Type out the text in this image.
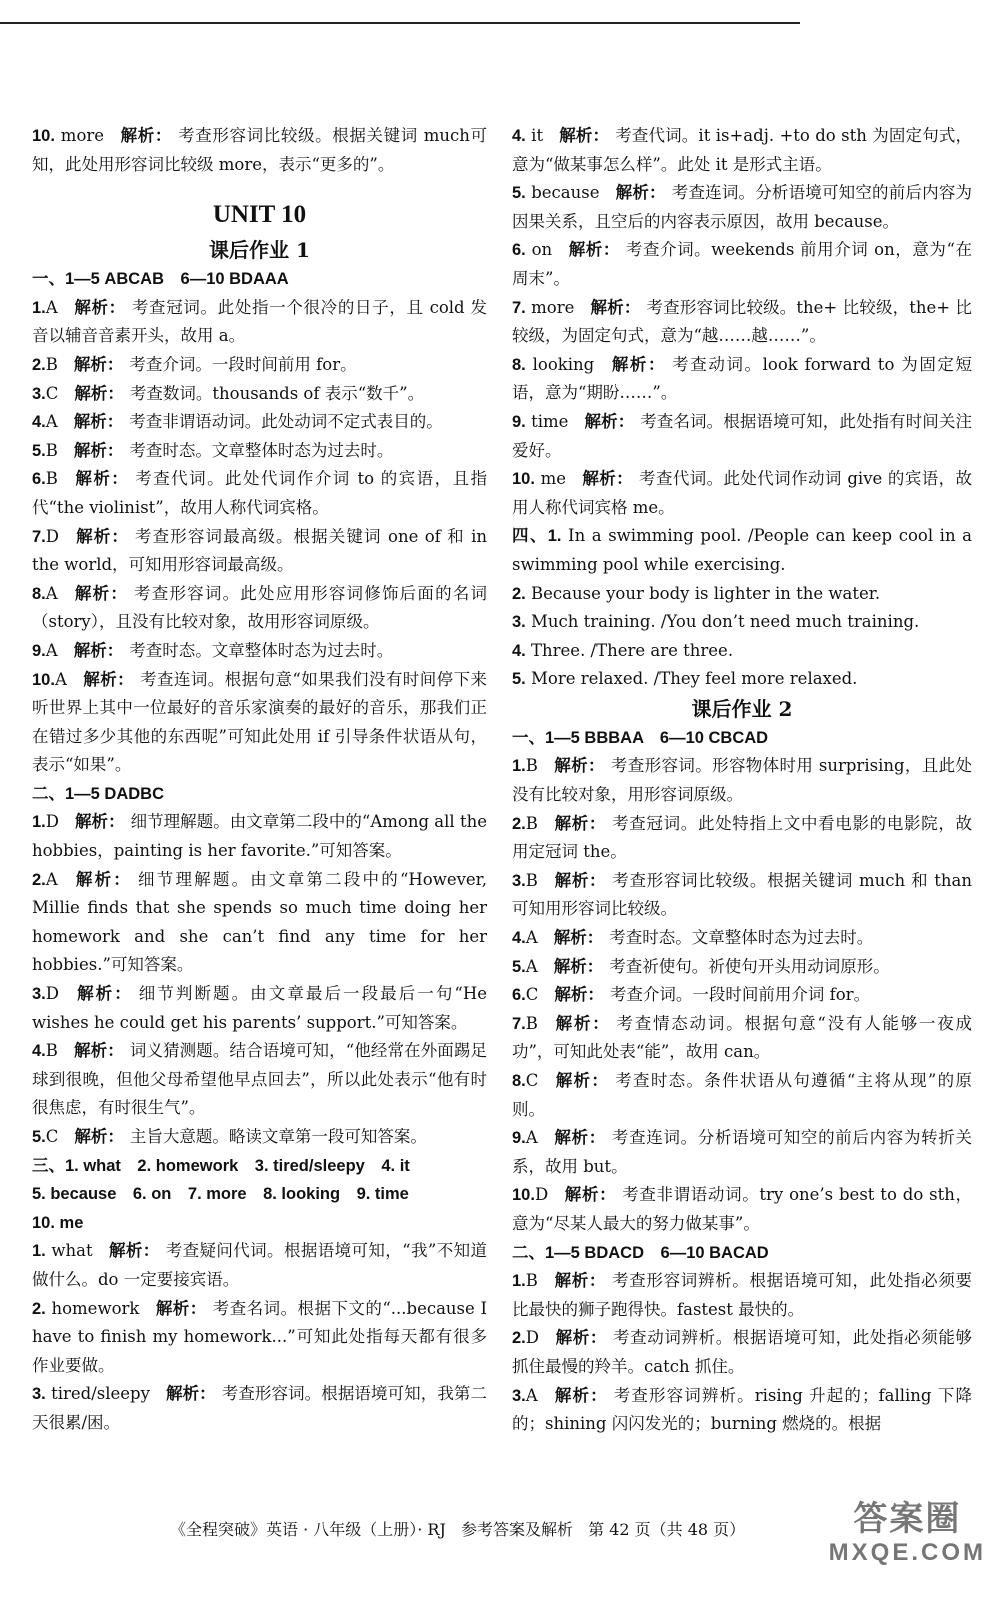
10. more 解析： 考查形容词比较级。根据关键词 much可知，此处用形容词比较级 more，表示“更多的”。

UNIT 10

课后作业 1

一、1—5 ABCAB　6—10 BDAAA

1.A 解析： 考查冠词。此处指一个很冷的日子，且 cold 发音以辅音音素开头，故用 a。

2.B 解析： 考查介词。一段时间前用 for。

3.C 解析： 考查数词。thousands of 表示“数千”。

4.A 解析： 考查非谓语动词。此处动词不定式表目的。

5.B 解析： 考查时态。文章整体时态为过去时。

6.B 解析： 考查代词。此处代词作介词 to 的宾语，且指代“the violinist”，故用人称代词宾格。

7.D 解析： 考查形容词最高级。根据关键词 one of 和 in the world，可知用形容词最高级。

8.A 解析： 考查形容词。此处应用形容词修饰后面的名词（story），且没有比较对象，故用形容词原级。

9.A 解析： 考查时态。文章整体时态为过去时。

10.A 解析： 考查连词。根据句意“如果我们没有时间停下来听世界上其中一位最好的音乐家演奏的最好的音乐，那我们正在错过多少其他的东西呢”可知此处用 if 引导条件状语从句，表示“如果”。

二、1—5 DADBC

1.D 解析： 细节理解题。由文章第二段中的“Among all the hobbies，painting is her favorite.”可知答案。

2.A 解析： 细节理解题。由文章第二段中的“However, Millie finds that she spends so much time doing her homework and she can’t find any time for her hobbies.”可知答案。

3.D 解析： 细节判断题。由文章最后一段最后一句“He wishes he could get his parents’ support.”可知答案。

4.B 解析： 词义猜测题。结合语境可知，“他经常在外面踢足球到很晚，但他父母希望他早点回去”，所以此处表示“他有时很焦虑，有时很生气”。

5.C 解析： 主旨大意题。略读文章第一段可知答案。

三、1. what　2. homework　3. tired/sleepy　4. it

5. because　6. on　7. more　8. looking　9. time

10. me

1. what 解析： 考查疑问代词。根据语境可知，“我”不知道做什么。do 一定要接宾语。

2. homework 解析： 考查名词。根据下文的“...because I have to finish my homework...”可知此处指每天都有很多作业要做。

3. tired/sleepy 解析： 考查形容词。根据语境可知，我第二天很累/困。

4. it 解析： 考查代词。it is+adj. +to do sth 为固定句式，意为“做某事怎么样”。此处 it 是形式主语。

5. because 解析： 考查连词。分析语境可知空的前后内容为因果关系，且空后的内容表示原因，故用 because。

6. on 解析： 考查介词。weekends 前用介词 on，意为“在周末”。

7. more 解析： 考查形容词比较级。the+ 比较级，the+ 比较级，为固定句式，意为“越……越……”。

8. looking 解析： 考查动词。look forward to 为固定短语，意为“期盼……”。

9. time 解析： 考查名词。根据语境可知，此处指有时间关注爱好。

10. me 解析： 考查代词。此处代词作动词 give 的宾语，故用人称代词宾格 me。

四、1. In a swimming pool. /People can keep cool in a swimming pool while exercising.

2. Because your body is lighter in the water.

3. Much training. /You don’t need much training.

4. Three. /There are three.

5. More relaxed. /They feel more relaxed.

课后作业 2

一、1—5 BBBAA　6—10 CBCAD

1.B 解析： 考查形容词。形容物体时用 surprising，且此处没有比较对象，用形容词原级。

2.B 解析： 考查冠词。此处特指上文中看电影的电影院，故用定冠词 the。

3.B 解析： 考查形容词比较级。根据关键词 much 和 than 可知用形容词比较级。

4.A 解析： 考查时态。文章整体时态为过去时。

5.A 解析： 考查祈使句。祈使句开头用动词原形。

6.C 解析： 考查介词。一段时间前用介词 for。

7.B 解析： 考查情态动词。根据句意“没有人能够一夜成功”，可知此处表“能”，故用 can。

8.C 解析： 考查时态。条件状语从句遵循“主将从现”的原则。

9.A 解析： 考查连词。分析语境可知空的前后内容为转折关系，故用 but。

10.D 解析： 考查非谓语动词。try one’s best to do sth，意为“尽某人最大的努力做某事”。

二、1—5 BDACD　6—10 BACAD

1.B 解析： 考查形容词辨析。根据语境可知，此处指必须要比最快的狮子跑得快。fastest 最快的。

2.D 解析： 考查动词辨析。根据语境可知，此处指必须能够抓住最慢的羚羊。catch 抓住。

3.A 解析： 考查形容词辨析。rising 升起的；falling 下降的；shining 闪闪发光的；burning 燃烧的。根据

《全程突破》英语 · 八年级（上册）· RJ 参考答案及解析 第 42 页（共 48 页）	答案圈
MXQE.COM
